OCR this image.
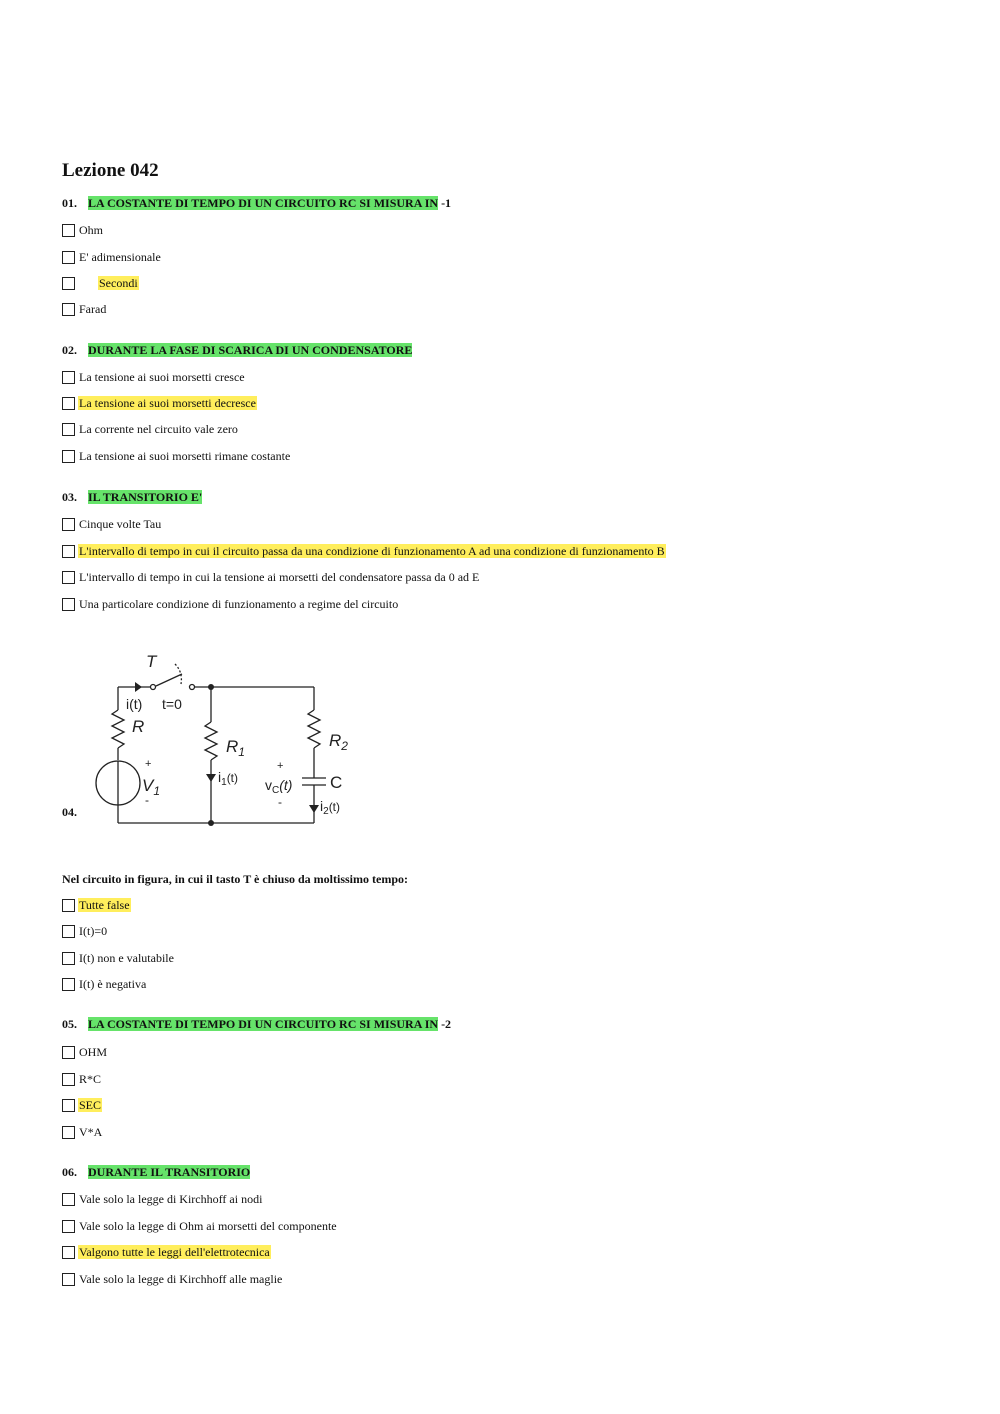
Lezione 042
01. LA COSTANTE DI TEMPO DI UN CIRCUITO RC SI MISURA IN -1
Ohm
E' adimensionale
Secondi
Farad
02. DURANTE LA FASE DI SCARICA DI UN CONDENSATORE
La tensione ai suoi morsetti cresce
La tensione ai suoi morsetti decresce
La corrente nel circuito vale zero
La tensione ai suoi morsetti rimane costante
03. IL TRANSITORIO E'
Cinque volte Tau
L'intervallo di tempo in cui il circuito passa da una condizione di funzionamento A ad una condizione di funzionamento B
L'intervallo di tempo in cui la tensione ai morsetti del condensatore passa da 0 ad E
Una particolare condizione di funzionamento a regime del circuito
04.
T
t=0
i(t)
R
+
$V_1$
-
$R_1$
$i_1(t)$
$R_2$
+
$v_C(t)$
-
C
$i_2(t)$
Nel circuito in figura, in cui il tasto T è chiuso da moltissimo tempo:
Tutte false
I(t)=0
I(t) non e valutabile
I(t) è negativa
05. LA COSTANTE DI TEMPO DI UN CIRCUITO RC SI MISURA IN -2
OHM
R*C
SEC
V*A
06. DURANTE IL TRANSITORIO
Vale solo la legge di Kirchhoff ai nodi
Vale solo la legge di Ohm ai morsetti del componente
Valgono tutte le leggi dell'elettrotecnica
Vale solo la legge di Kirchhoff alle maglie
